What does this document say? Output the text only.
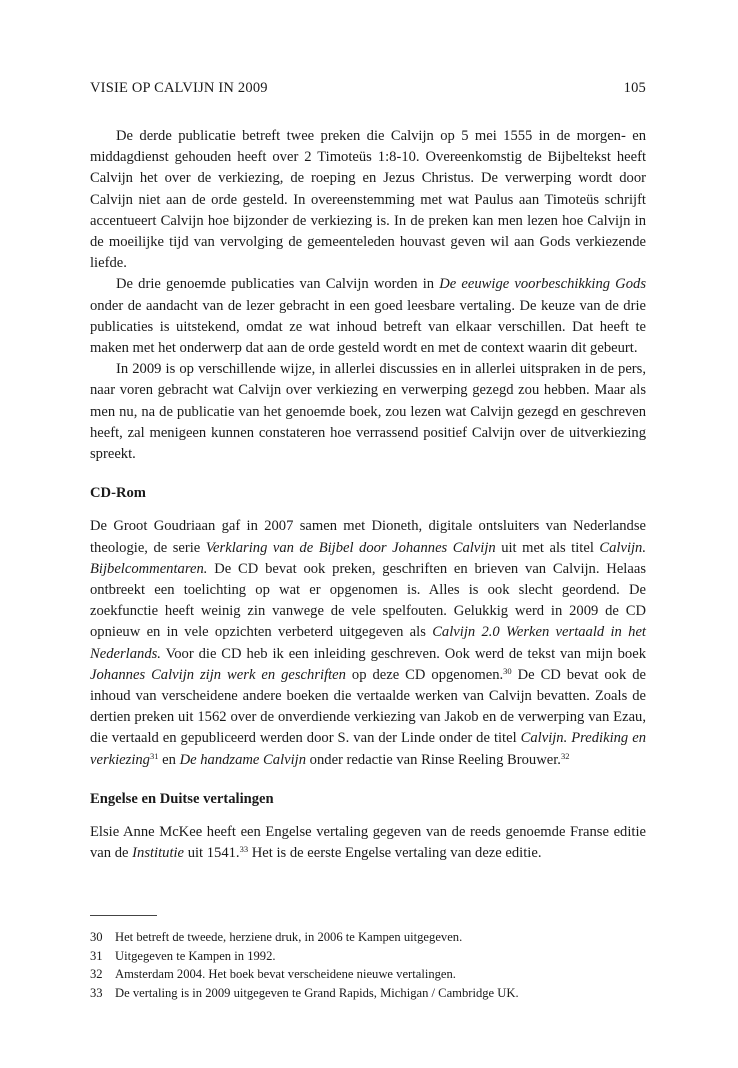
VISIE OP CALVIJN IN 2009	105

De derde publicatie betreft twee preken die Calvijn op 5 mei 1555 in de morgen- en middagdienst gehouden heeft over 2 Timoteüs 1:8-10. Overeenkomstig de Bijbeltekst heeft Calvijn het over de verkiezing, de roeping en Jezus Christus. De verwerping wordt door Calvijn niet aan de orde gesteld. In overeenstemming met wat Paulus aan Timoteüs schrijft accentueert Calvijn hoe bijzonder de verkiezing is. In de preken kan men lezen hoe Calvijn in de moeilijke tijd van vervolging de gemeenteleden houvast geven wil aan Gods verkiezende liefde.

De drie genoemde publicaties van Calvijn worden in De eeuwige voorbeschikking Gods onder de aandacht van de lezer gebracht in een goed leesbare vertaling. De keuze van de drie publicaties is uitstekend, omdat ze wat inhoud betreft van elkaar verschillen. Dat heeft te maken met het onderwerp dat aan de orde gesteld wordt en met de context waarin dit gebeurt.

In 2009 is op verschillende wijze, in allerlei discussies en in allerlei uitspraken in de pers, naar voren gebracht wat Calvijn over verkiezing en verwerping gezegd zou hebben. Maar als men nu, na de publicatie van het genoemde boek, zou lezen wat Calvijn gezegd en geschreven heeft, zal menigeen kunnen constateren hoe verrassend positief Calvijn over de uitverkiezing spreekt.

CD-Rom

De Groot Goudriaan gaf in 2007 samen met Dioneth, digitale ontsluiters van Nederlandse theologie, de serie Verklaring van de Bijbel door Johannes Calvijn uit met als titel Calvijn. Bijbelcommentaren. De CD bevat ook preken, geschriften en brieven van Calvijn. Helaas ontbreekt een toelichting op wat er opgenomen is. Alles is ook slecht geordend. De zoekfunctie heeft weinig zin vanwege de vele spelfouten. Gelukkig werd in 2009 de CD opnieuw en in vele opzichten verbeterd uitgegeven als Calvijn 2.0 Werken vertaald in het Nederlands. Voor die CD heb ik een inleiding geschreven. Ook werd de tekst van mijn boek Johannes Calvijn zijn werk en geschriften op deze CD opgenomen.$^{30}$ De CD bevat ook de inhoud van verscheidene andere boeken die vertaalde werken van Calvijn bevatten. Zoals de dertien preken uit 1562 over de onverdiende verkiezing van Jakob en de verwerping van Ezau, die vertaald en gepubliceerd werden door S. van der Linde onder de titel Calvijn. Prediking en verkiezing$^{31}$ en De handzame Calvijn onder redactie van Rinse Reeling Brouwer.$^{32}$

Engelse en Duitse vertalingen

Elsie Anne McKee heeft een Engelse vertaling gegeven van de reeds genoemde Franse editie van de Institutie uit 1541.33 Het is de eerste Engelse vertaling van deze editie.

30 Het betreft de tweede, herziene druk, in 2006 te Kampen uitgegeven.
31 Uitgegeven te Kampen in 1992.
32 Amsterdam 2004. Het boek bevat verscheidene nieuwe vertalingen.
33 De vertaling is in 2009 uitgegeven te Grand Rapids, Michigan / Cambridge UK.
